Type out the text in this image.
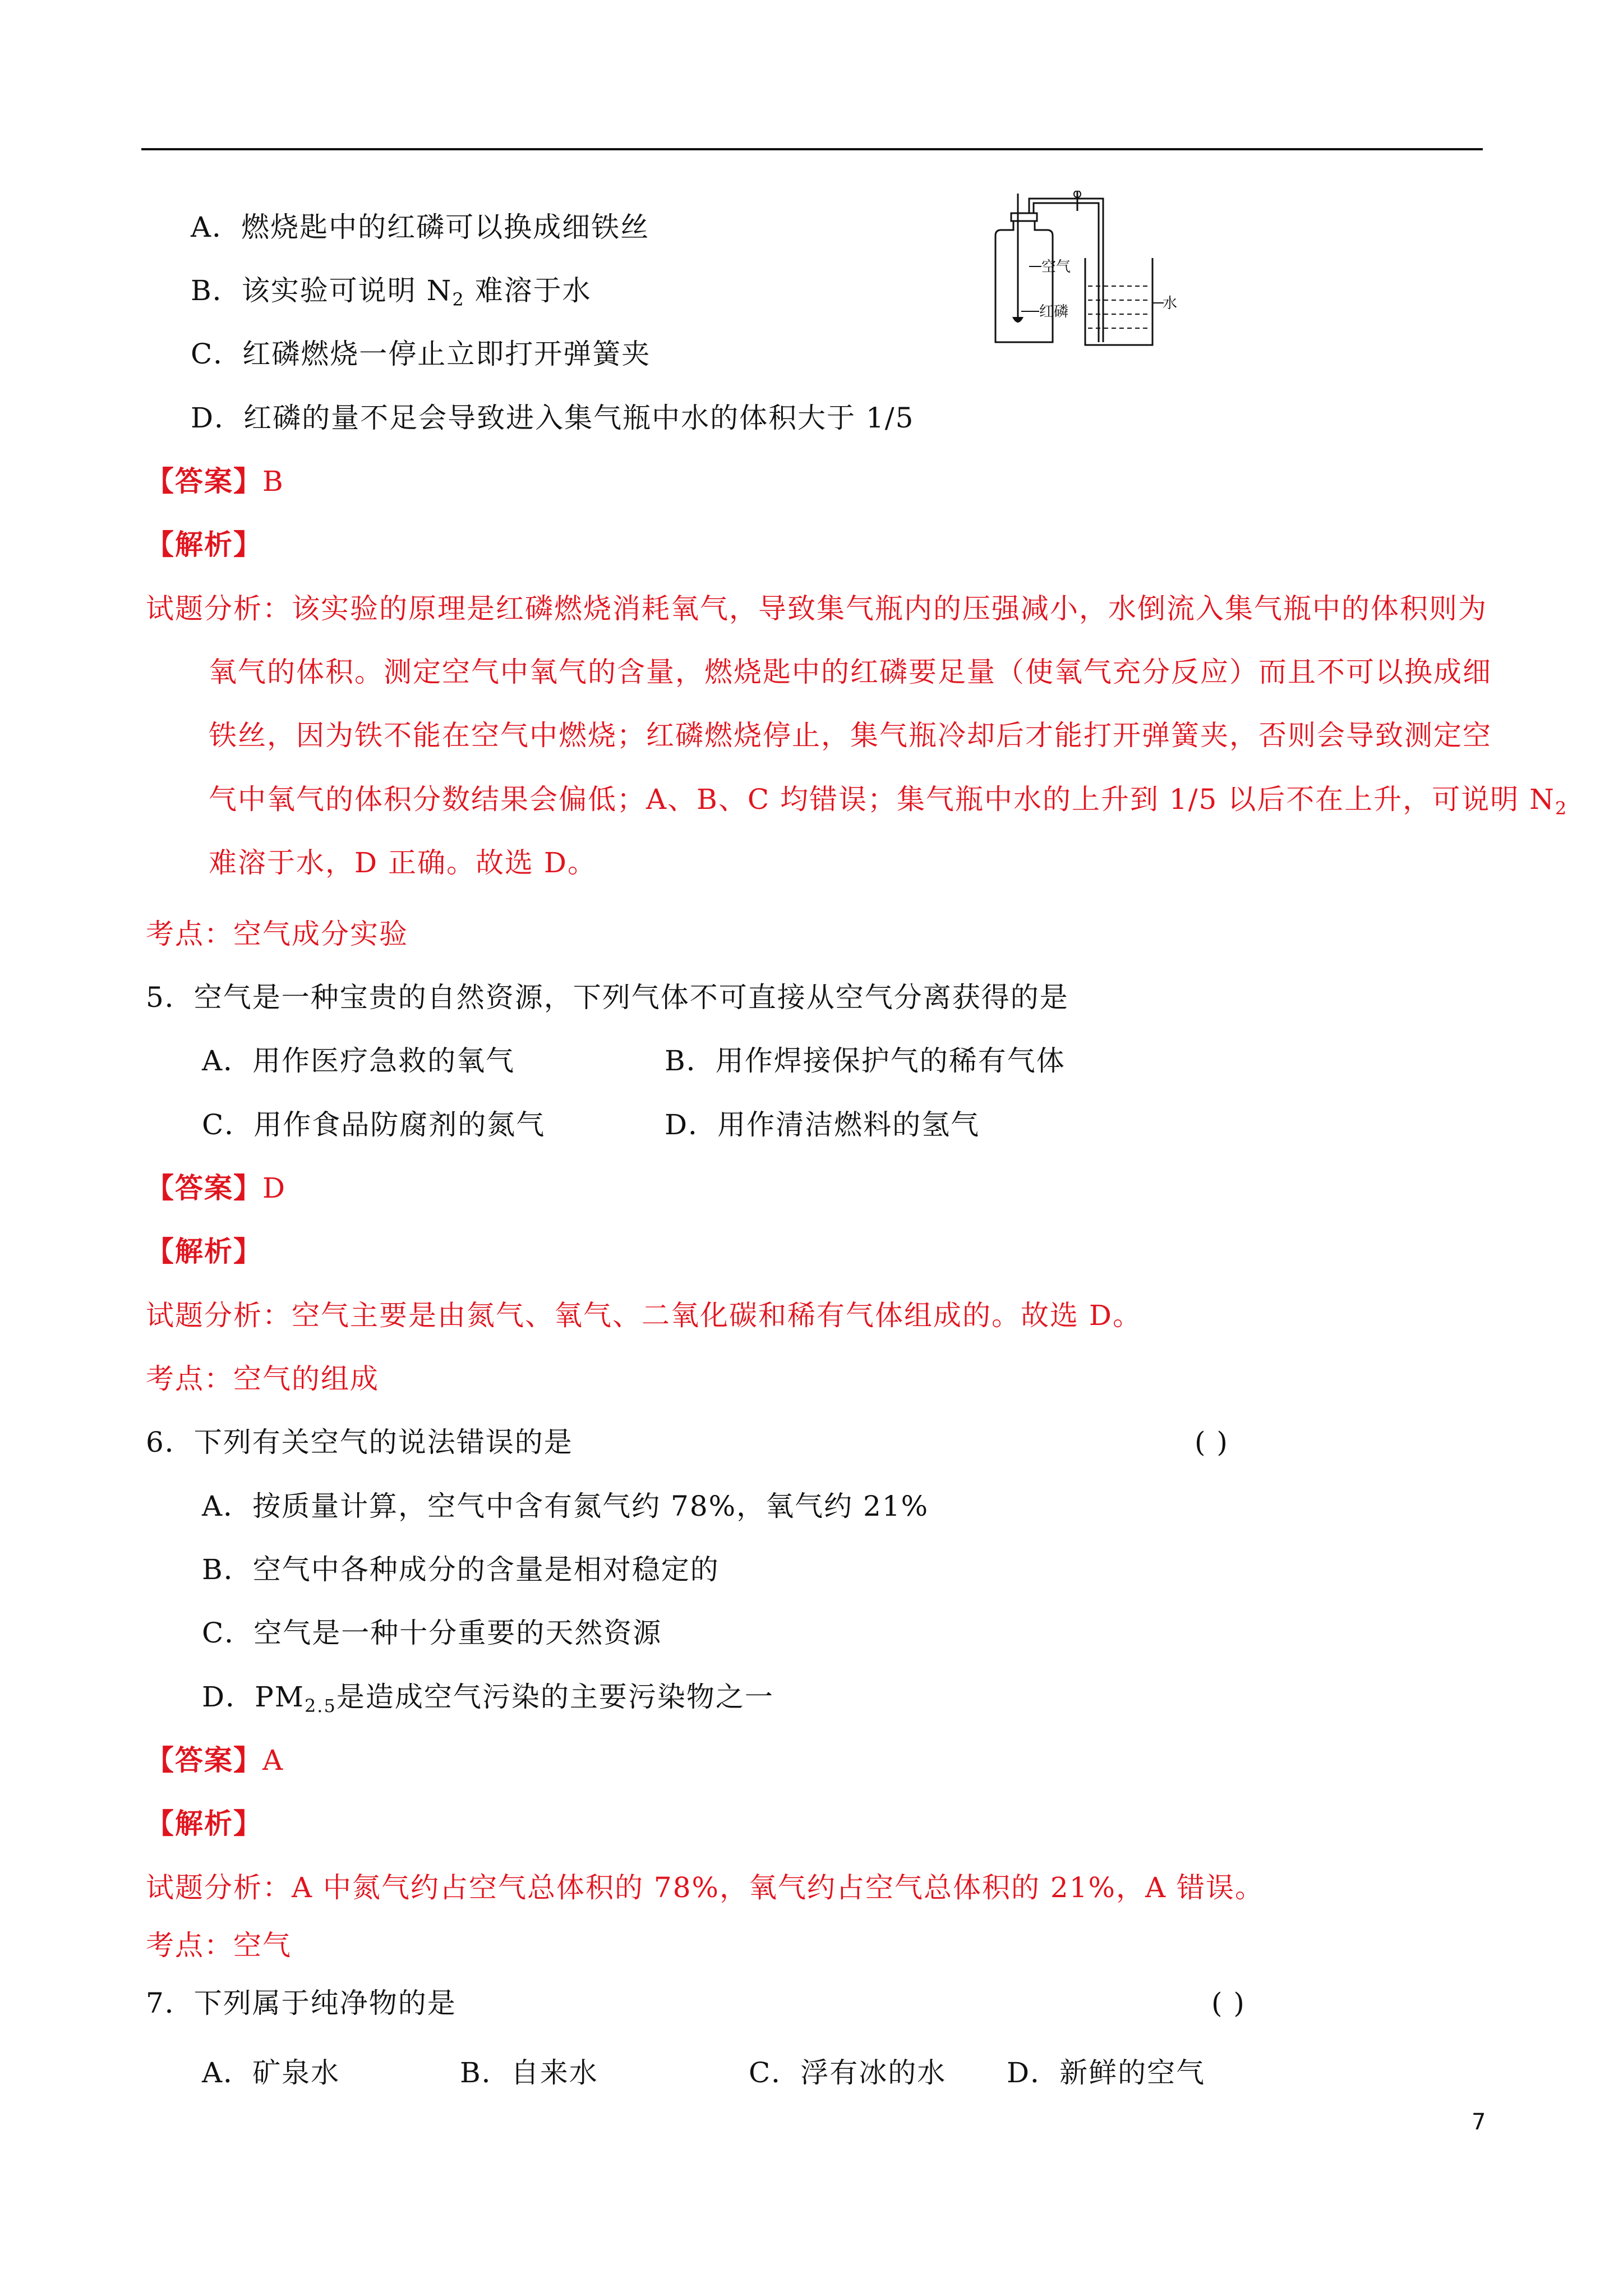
A．燃烧匙中的红磷可以换成细铁丝
B．该实验可说明 $N_2$ 难溶于水
C．红磷燃烧一停止立即打开弹簧夹
D．红磷的量不足会导致进入集气瓶中水的体积大于 1/5
空气
红磷	水
【答案】B
【解析】
试题分析：该实验的原理是红磷燃烧消耗氧气，导致集气瓶内的压强减小，水倒流入集气瓶中的体积则为
氧气的体积。测定空气中氧气的含量，燃烧匙中的红磷要足量（使氧气充分反应）而且不可以换成细
铁丝，因为铁不能在空气中燃烧；红磷燃烧停止，集气瓶冷却后才能打开弹簧夹，否则会导致测定空
气中氧气的体积分数结果会偏低；A、B、C 均错误；集气瓶中水的上升到 1/5 以后不在上升，可说明 $N_2$
难溶于水，D 正确。故选 D。
考点：空气成分实验
5．空气是一种宝贵的自然资源，下列气体不可直接从空气分离获得的是
A．用作医疗急救的氧气	B．用作焊接保护气的稀有气体
C．用作食品防腐剂的氮气	D．用作清洁燃料的氢气
【答案】D
【解析】
试题分析：空气主要是由氮气、氧气、二氧化碳和稀有气体组成的。故选 D。
考点：空气的组成
6．下列有关空气的说法错误的是	( )
A．按质量计算，空气中含有氮气约 78%，氧气约 21%
B．空气中各种成分的含量是相对稳定的
C．空气是一种十分重要的天然资源
D．$PM_{2.5}$是造成空气污染的主要污染物之一
【答案】A
【解析】
试题分析：A 中氮气约占空气总体积的 78%，氧气约占空气总体积的 21%，A 错误。
考点：空气
7．下列属于纯净物的是	( )
A．矿泉水	B．自来水	C．浮有冰的水 D．新鲜的空气
7
